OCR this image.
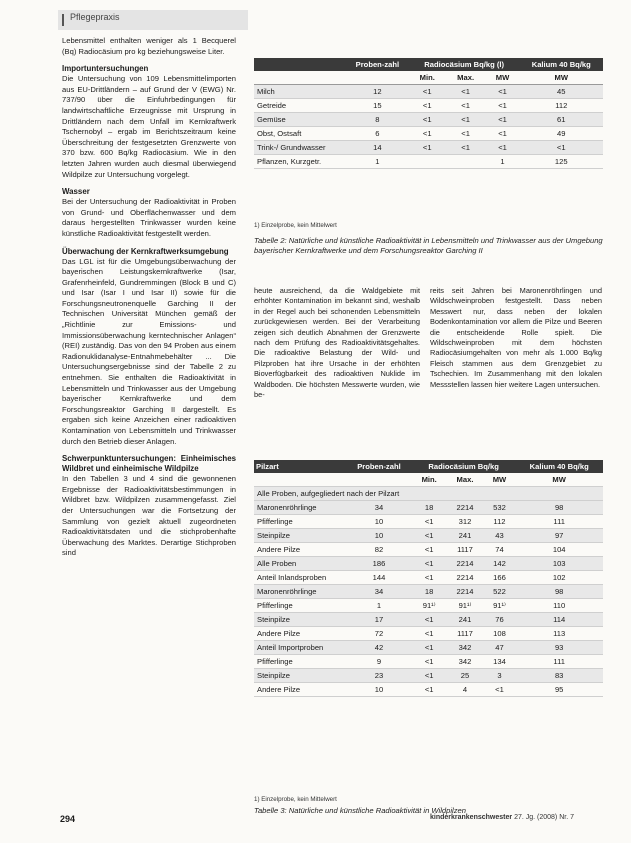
Pflegepraxis

Lebensmittel enthalten weniger als 1 Becquerel (Bq) Radiocäsium pro kg beziehungsweise Liter.

Importuntersuchungen

Die Untersuchung von 109 Lebensmittelimporten aus EU-Drittländern – auf Grund der V (EWG) Nr. 737/90 über die Einfuhrbedingungen für landwirtschaftliche Erzeugnisse mit Ursprung in Drittländern nach dem Unfall im Kernkraftwerk Tschernobyl – ergab im Berichtszeitraum keine Überschreitung der festgesetzten Grenzwerte von 370 bzw. 600 Bq/kg Radiocäsium. Wie in den letzten Jahren wurden auch diesmal überwiegend Wildpilze zur Untersuchung vorgelegt.

Wasser

Bei der Untersuchung der Radioaktivität in Proben von Grund- und Oberflächenwasser und dem daraus hergestellten Trinkwasser wurden keine künstliche Radioaktivität festgestellt werden.

Überwachung der Kernkraftwerksumgebung

Das LGL ist für die Umgebungsüberwachung der bayerischen Leistungskernkraftwerke (Isar, Grafenrheinfeld, Gundremmingen (Block B und C) und Isar (Isar I und Isar II) sowie für die Forschungsneutronenquelle Garching II der Technischen Universität München gemäß der „Richtlinie zur Emissions- und Immissionsüberwachung kerntechnischer Anlagen“ (REI) zuständig. Das von den 94 Proben aus einem Radionuklidanalyse-Entnahmebehälter ... Die Untersuchungsergebnisse sind der Tabelle 2 zu entnehmen. Sie enthalten die Radioaktivität in Lebensmitteln und Trinkwasser aus der Umgebung bayerischer Kernkraftwerke und dem Forschungsreaktor Garching II dargestellt. Es ergaben sich keine Anzeichen einer radioaktiven Kontamination von Lebensmitteln und Trinkwasser durch den Betrieb dieser Anlagen.

Schwerpunktuntersuchungen: Einheimisches Wildbret und einheimische Wildpilze

In den Tabellen 3 und 4 sind die gewonnenen Ergebnisse der Radioaktivitätsbestimmungen in Wildbret bzw. Wildpilzen zusammengefasst. Ziel der Untersuchungen war die Fortsetzung der Sammlung von gezielt aktuell zugeordneten Radioaktivitätsdaten und die stichprobenhafte Überwachung des Marktes. Derartige Stichproben sind

	Proben-zahl	Radiocäsium Bq/kg (l)			Kalium 40 Bq/kg
		Min.	Max.	MW	MW
Milch	12	<1	<1	<1	45
Getreide	15	<1	<1	<1	112
Gemüse	8	<1	<1	<1	61
Obst, Ostsaft	6	<1	<1	<1	49
Trink-/ Grundwasser	14	<1	<1	<1	<1
Pflanzen, Kurzgetr.	1			1	125
1) Einzelprobe, kein Mittelwert
Tabelle 2: Natürliche und künstliche Radioaktivität in Lebensmitteln und Trinkwasser aus der Umgebung bayerischer Kernkraftwerke und dem Forschungsreaktor Garching II
heute ausreichend, da die Waldgebiete mit erhöhter Kontamination im bekannt sind, weshalb in der Regel auch bei schonenden Lebensmitteln zurückgewiesen werden. Bei der Verarbeitung zeigen sich deutlich Abnahmen der Grenzwerte nach dem Prüfung des Radioaktivitätsgehaltes. Die radioaktive Belastung der Wild- und Pilzproben hat ihre Ursache in der erhöhten Bioverfügbarkeit des radioaktiven Nuklide im Waldboden. Die höchsten Messwerte wurden, wie be-
reits seit Jahren bei Maronenröhrlingen und Wildschweinproben festgestellt. Dass neben Messwert nur, dass neben der lokalen Bodenkontamination vor allem die Pilze und Beeren die entscheidende Rolle spielt. Die Wildschweinproben mit dem höchsten Radiocäsiumgehalten von mehr als 1.000 Bq/kg Fleisch stammen aus dem Grenzgebiet zu Tschechien. Im Zusammenhang mit den lokalen Messstellen lassen hier weitere Lagen untersuchen.
Pilzart	Proben-zahl	Radiocäsium Bq/kg			Kalium 40 Bq/kg
		Min.	Max.	MW	MW
Alle Proben, aufgegliedert nach der Pilzart					
Maronenröhrlinge	34	18	2214	532	98
Pfifferlinge	10	<1	312	112	111
Steinpilze	10	<1	241	43	97
Andere Pilze	82	<1	1117	74	104
Alle Proben	186	<1	2214	142	103
Anteil Inlandsproben	144	<1	2214	166	102
Maronenröhrlinge	34	18	2214	522	98
Pfifferlinge	1	91¹⁾	91¹⁾	91¹⁾	110
Steinpilze	17	<1	241	76	114
Andere Pilze	72	<1	1117	108	113
Anteil Importproben	42	<1	342	47	93
Pfifferlinge	9	<1	342	134	111
Steinpilze	23	<1	25	3	83
Andere Pilze	10	<1	4	<1	95
1) Einzelprobe, kein Mittelwert
Tabelle 3: Natürliche und künstliche Radioaktivität in Wildpilzen
294	kinderkrankenschwester 27. Jg. (2008) Nr. 7
